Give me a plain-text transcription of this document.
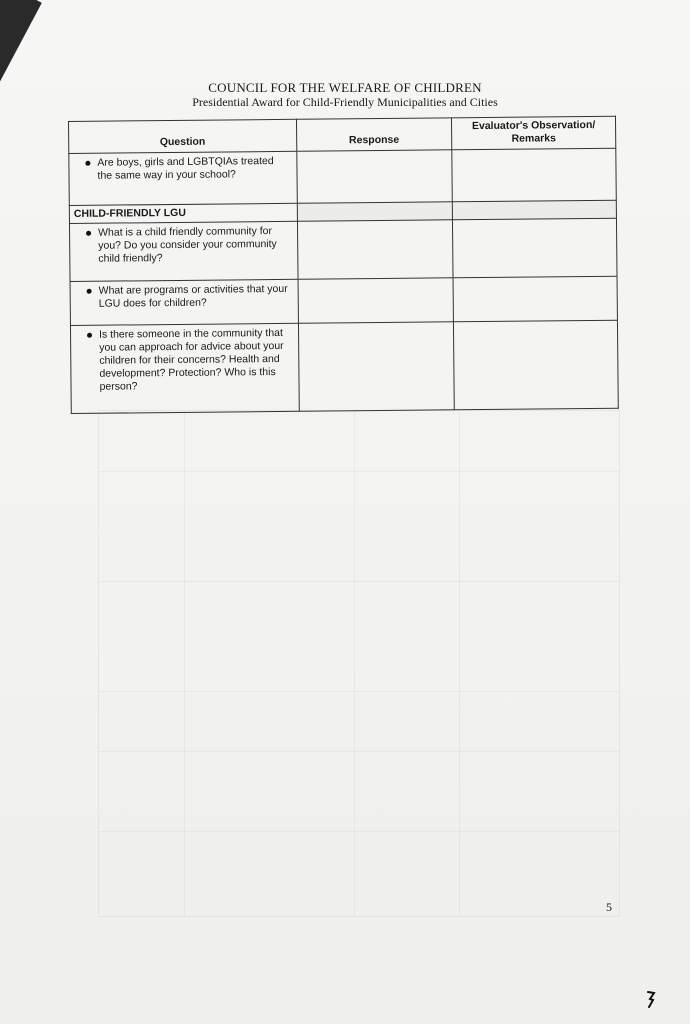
COUNCIL FOR THE WELFARE OF CHILDREN
Presidential Award for Child-Friendly Municipalities and Cities
Question	Response	Evaluator's Observation/ Remarks

Are boys, girls and LGBTQIAs treated the same way in your school?		
CHILD-FRIENDLY LGU		

What is a child friendly community for you? Do you consider your community child friendly?		

What are programs or activities that your LGU does for children?		

Is there someone in the community that you can approach for advice about your children for their concerns? Health and development? Protection? Who is this person?		
5
